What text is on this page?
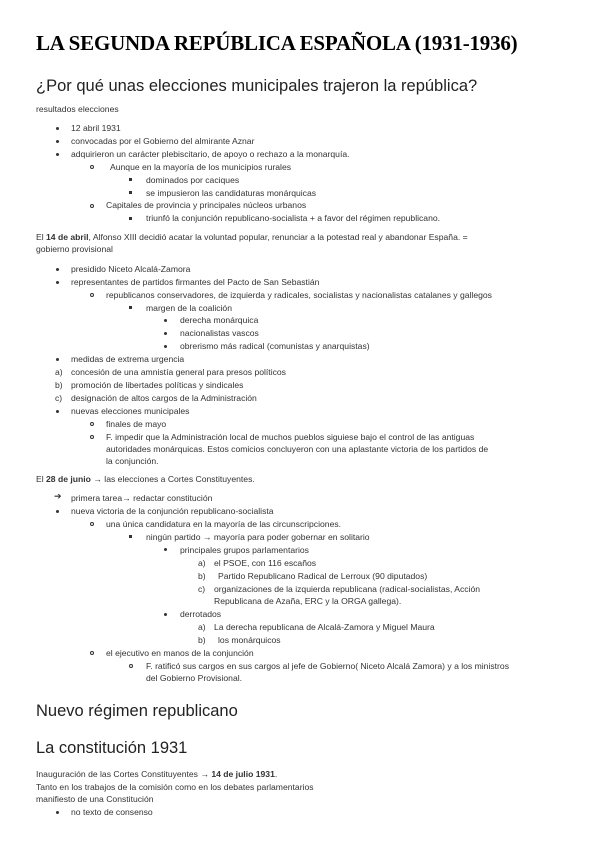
LA SEGUNDA REPÚBLICA ESPAÑOLA (1931-1936)
¿Por qué unas elecciones municipales trajeron la república?
resultados elecciones
12 abril 1931
convocadas por el Gobierno del almirante Aznar
adquirieron un carácter plebiscitario, de apoyo o rechazo a la monarquía.
Aunque en la mayoría de los municipios rurales
dominados por caciques
se impusieron las candidaturas monárquicas
Capitales de provincia y principales núcleos urbanos
triunfó la conjunción republicano-socialista + a favor del régimen republicano.
El 14 de abril, Alfonso XIII decidió acatar la voluntad popular, renunciar a la potestad real y abandonar España. =
gobierno provisional
presidido Niceto Alcalá-Zamora
representantes de partidos firmantes del Pacto de San Sebastián
republicanos conservadores, de izquierda y radicales, socialistas y nacionalistas catalanes y gallegos
margen de la coalición
derecha monárquica
nacionalistas vascos
obrerismo más radical (comunistas y anarquistas)
medidas de extrema urgencia
a) concesión de una amnistía general para presos políticos
b) promoción de libertades políticas y sindicales
c) designación de altos cargos de la Administración
nuevas elecciones municipales
finales de mayo
F. impedir que la Administración local de muchos pueblos siguiese bajo el control de las antiguas
autoridades monárquicas. Estos comicios concluyeron con una aplastante victoria de los partidos de
la conjunción.
El 28 de junio → las elecciones a Cortes Constituyentes.
➔ primera tarea→ redactar constitución
nueva victoria de la conjunción republicano-socialista
una única candidatura en la mayoría de las circunscripciones.
ningún partido → mayoría para poder gobernar en solitario
principales grupos parlamentarios
a) el PSOE, con 116 escaños
b) Partido Republicano Radical de Lerroux (90 diputados)
c) organizaciones de la izquierda republicana (radical-socialistas, Acción
Republicana de Azaña, ERC y la ORGA gallega).
derrotados
a) La derecha republicana de Alcalá-Zamora y Miguel Maura
b) los monárquicos
el ejecutivo en manos de la conjunción
F. ratificó sus cargos en sus cargos al jefe de Gobierno( Niceto Alcalá Zamora) y a los ministros
del Gobierno Provisional.
Nuevo régimen republicano
La constitución 1931
Inauguración de las Cortes Constituyentes → 14 de julio 1931.
Tanto en los trabajos de la comisión como en los debates parlamentarios
manifiesto de una Constitución
no texto de consenso
